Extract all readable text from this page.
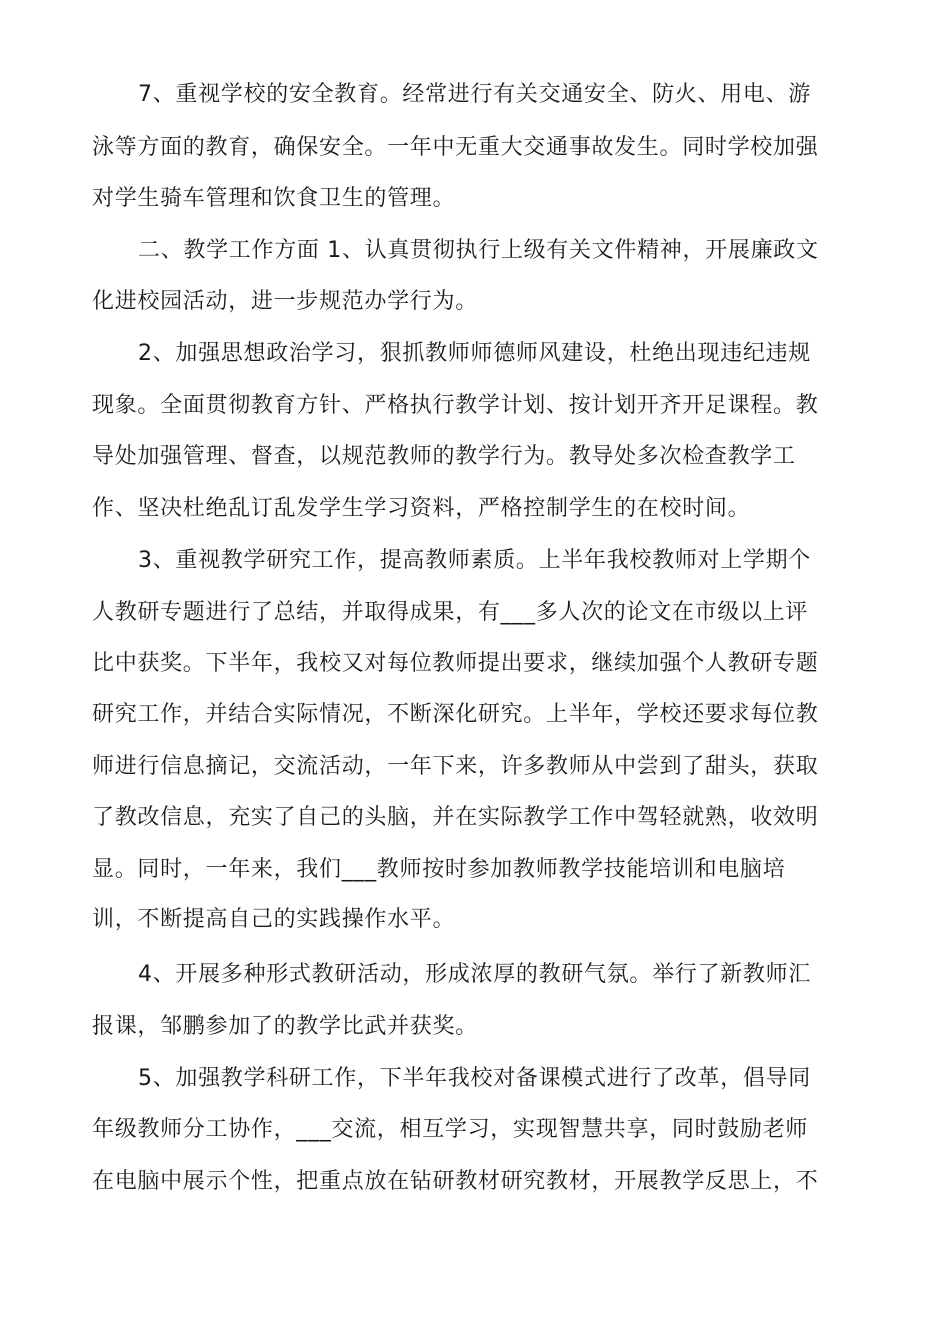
7、重视学校的安全教育。经常进行有关交通安全、防火、用电、游
泳等方面的教育，确保安全。一年中无重大交通事故发生。同时学校加强
对学生骑车管理和饮食卫生的管理。
二、教学工作方面 1、认真贯彻执行上级有关文件精神，开展廉政文
化进校园活动，进一步规范办学行为。
2、加强思想政治学习，狠抓教师师德师风建设，杜绝出现违纪违规
现象。全面贯彻教育方针、严格执行教学计划、按计划开齐开足课程。教
导处加强管理、督查，以规范教师的教学行为。教导处多次检查教学工
作、坚决杜绝乱订乱发学生学习资料，严格控制学生的在校时间。
3、重视教学研究工作，提高教师素质。上半年我校教师对上学期个
人教研专题进行了总结，并取得成果，有___多人次的论文在市级以上评
比中获奖。下半年，我校又对每位教师提出要求，继续加强个人教研专题
研究工作，并结合实际情况，不断深化研究。上半年，学校还要求每位教
师进行信息摘记，交流活动，一年下来，许多教师从中尝到了甜头，获取
了教改信息，充实了自己的头脑，并在实际教学工作中驾轻就熟，收效明
显。同时，一年来，我们___教师按时参加教师教学技能培训和电脑培
训，不断提高自己的实践操作水平。
4、开展多种形式教研活动，形成浓厚的教研气氛。举行了新教师汇
报课，邹鹏参加了的教学比武并获奖。
5、加强教学科研工作，下半年我校对备课模式进行了改革，倡导同
年级教师分工协作，___交流，相互学习，实现智慧共享，同时鼓励老师
在电脑中展示个性，把重点放在钻研教材研究教材，开展教学反思上，不
